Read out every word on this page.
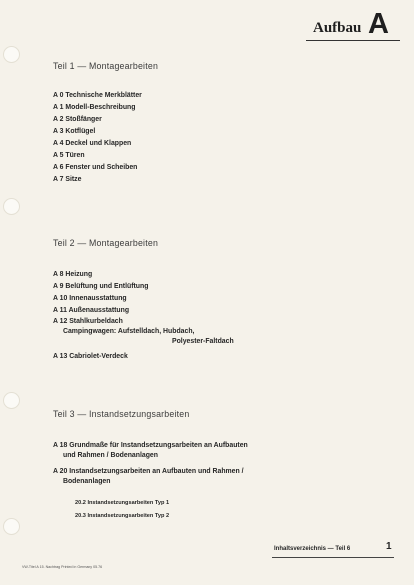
Aufbau A
Teil 1 — Montagearbeiten
A 0 Technische Merkblätter
A 1 Modell-Beschreibung
A 2 Stoßfänger
A 3 Kotflügel
A 4 Deckel und Klappen
A 5 Türen
A 6 Fenster und Scheiben
A 7 Sitze
Teil 2 — Montagearbeiten
A 8 Heizung
A 9 Belüftung und Entlüftung
A 10 Innenausstattung
A 11 Außenausstattung
A 12 Stahlkurbeldach
Campingwagen: Aufstelldach, Hubdach,
Polyester-Faltdach
A 13 Cabriolet-Verdeck
Teil 3 — Instandsetzungsarbeiten
A 18 Grundmaße für Instandsetzungsarbeiten an Aufbauten
und Rahmen / Bodenanlagen
A 20 Instandsetzungsarbeiten an Aufbauten und Rahmen /
Bodenanlagen
20.2 Instandsetzungsarbeiten Typ 1
20.3 Instandsetzungsarbeiten Typ 2
Inhaltsverzeichnis — Teil 6	1
VW-Titel A 15. Nachtrag Printed in Germany 05.76
